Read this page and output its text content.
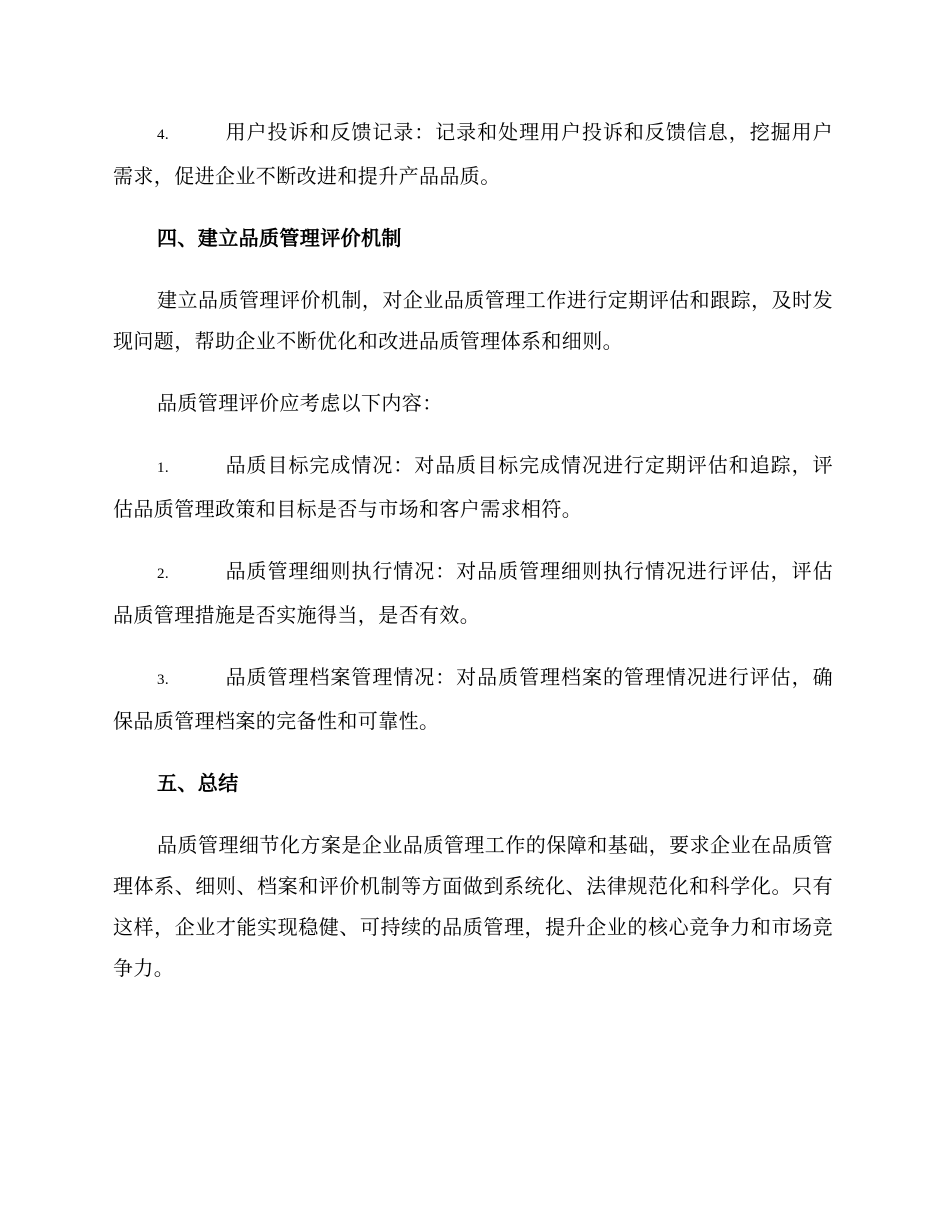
4.	用户投诉和反馈记录：记录和处理用户投诉和反馈信息，挖掘用户需求，促进企业不断改进和提升产品品质。

四、建立品质管理评价机制

建立品质管理评价机制，对企业品质管理工作进行定期评估和跟踪，及时发现问题，帮助企业不断优化和改进品质管理体系和细则。

品质管理评价应考虑以下内容：

1.	品质目标完成情况：对品质目标完成情况进行定期评估和追踪，评估品质管理政策和目标是否与市场和客户需求相符。

2.	品质管理细则执行情况：对品质管理细则执行情况进行评估，评估品质管理措施是否实施得当，是否有效。

3.	品质管理档案管理情况：对品质管理档案的管理情况进行评估，确保品质管理档案的完备性和可靠性。

五、总结

品质管理细节化方案是企业品质管理工作的保障和基础，要求企业在品质管理体系、细则、档案和评价机制等方面做到系统化、法律规范化和科学化。只有这样，企业才能实现稳健、可持续的品质管理，提升企业的核心竞争力和市场竞争力。
